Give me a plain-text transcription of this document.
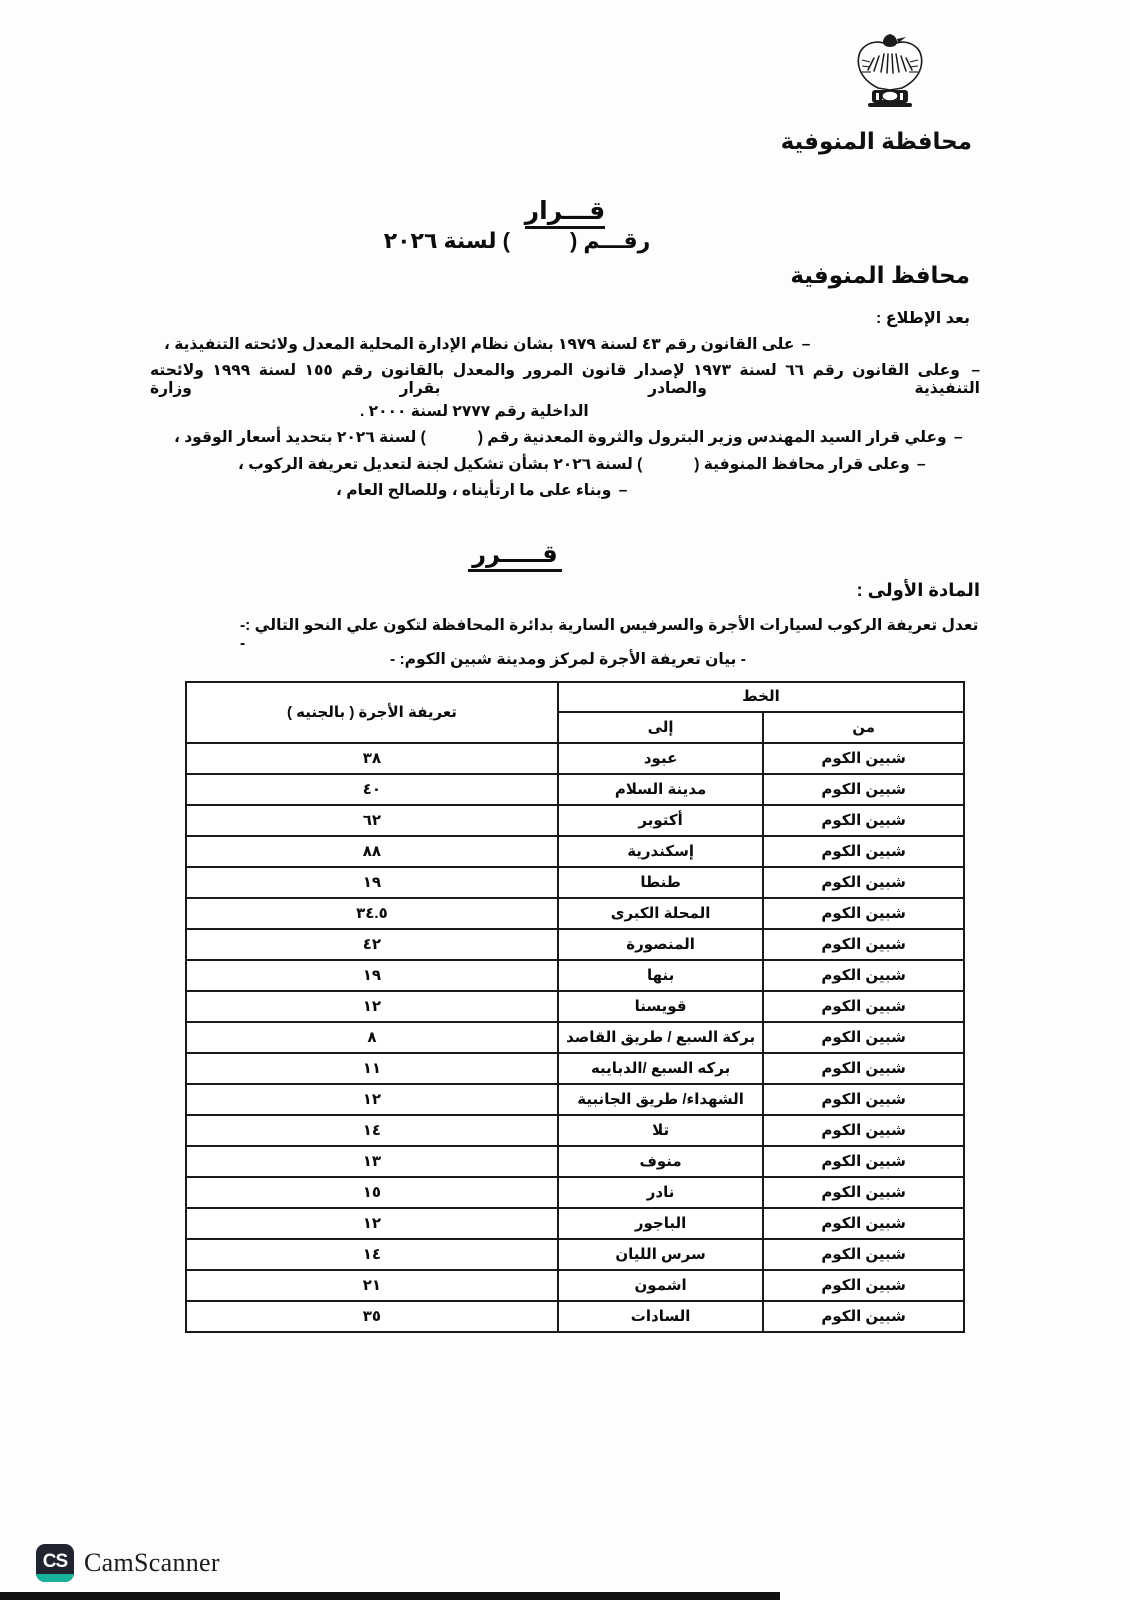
محافظة المنوفية
قـــرار
رقـــم () لسنة ٢٠٢٦
محافظ المنوفية
بعد الإطلاع :
– على القانون رقم ٤٣ لسنة ١٩٧٩ بشان نظام الإدارة المحلية المعدل ولائحته التنفيذية ،
– وعلى القانون رقم ٦٦ لسنة ١٩٧٣ لإصدار قانون المرور والمعدل بالقانون رقم ١٥٥ لسنة ١٩٩٩ ولائحته التنفيذية والصادر بقرار وزارة
الداخلية رقم ٢٧٧٧ لسنة ٢٠٠٠ .
– وعلي قرار السيد المهندس وزير البترول والثروة المعدنية رقم () لسنة ٢٠٢٦ بتحديد أسعار الوقود ،
– وعلى قرار محافظ المنوفية () لسنة ٢٠٢٦ بشأن تشكيل لجنة لتعديل تعريفة الركوب ،
– وبناء على ما ارتأيناه ، وللصالح العام ،
قـــــرر
المادة الأولى :
تعدل تعريفة الركوب لسيارات الأجرة والسرفيس السارية بدائرة المحافظة لتكون علي النحو التالي :--
- بيان تعريفة الأجرة لمركز ومدينة شبين الكوم: -
الخط		تعريفة الأجرة ( بالجنيه )
من	إلى	
شبين الكوم	عبود	٣٨
شبين الكوم	مدينة السلام	٤٠
شبين الكوم	أكتوبر	٦٢
شبين الكوم	إسكندرية	٨٨
شبين الكوم	طنطا	١٩
شبين الكوم	المحلة الكبرى	٣٤.٥
شبين الكوم	المنصورة	٤٢
شبين الكوم	بنها	١٩
شبين الكوم	قويسنا	١٢
شبين الكوم	بركة السبع / طريق القاصد	٨
شبين الكوم	بركه السبع /الدبايبه	١١
شبين الكوم	الشهداء/ طريق الجانبية	١٢
شبين الكوم	تلا	١٤
شبين الكوم	منوف	١٣
شبين الكوم	نادر	١٥
شبين الكوم	الباجور	١٢
شبين الكوم	سرس الليان	١٤
شبين الكوم	اشمون	٢١
شبين الكوم	السادات	٣٥
CS CamScanner
